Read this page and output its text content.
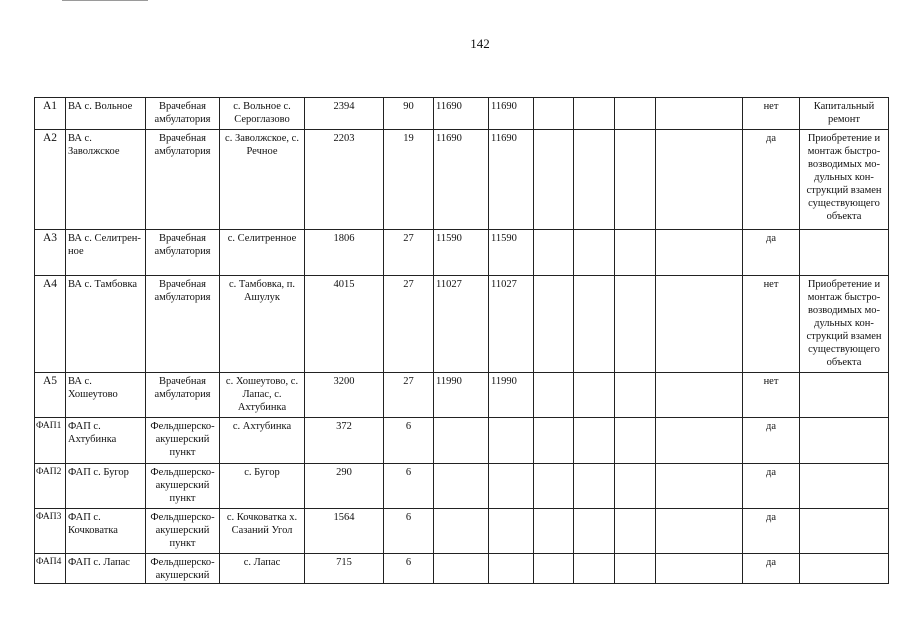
142
А1	ВА с. Вольное	Врачебная амбулатория	с. Вольное с. Сероглазово	2394	90	11690	11690					нет	Капитальный ремонт
А2	ВА с. Заволжское	Врачебная амбулатория	с. Заволжское, с. Речное	2203	19	11690	11690					да	Приобретение и монтаж быстро-возводимых мо-дульных кон-струкций взамен существующего объекта
А3	ВА с. Селитрен-ное	Врачебная амбулатория	с. Селитренное	1806	27	11590	11590					да	
А4	ВА с. Тамбовка	Врачебная амбулатория	с. Тамбовка, п. Ашулук	4015	27	11027	11027					нет	Приобретение и монтаж быстро-возводимых мо-дульных кон-струкций взамен существующего объекта
А5	ВА с. Хошеутово	Врачебная амбулатория	с. Хошеутово, с. Лапас, с. Ахтубинка	3200	27	11990	11990					нет	
ФАП1	ФАП с. Ахтубинка	Фельдшерско-акушерский пункт	с. Ахтубинка	372	6							да	
ФАП2	ФАП с. Бугор	Фельдшерско-акушерский пункт	с. Бугор	290	6							да	
ФАП3	ФАП с. Кочковатка	Фельдшерско-акушерский пункт	с. Кочковатка х. Сазаний Угол	1564	6							да	
ФАП4	ФАП с. Лапас	Фельдшерско-акушерский	с. Лапас	715	6							да	
